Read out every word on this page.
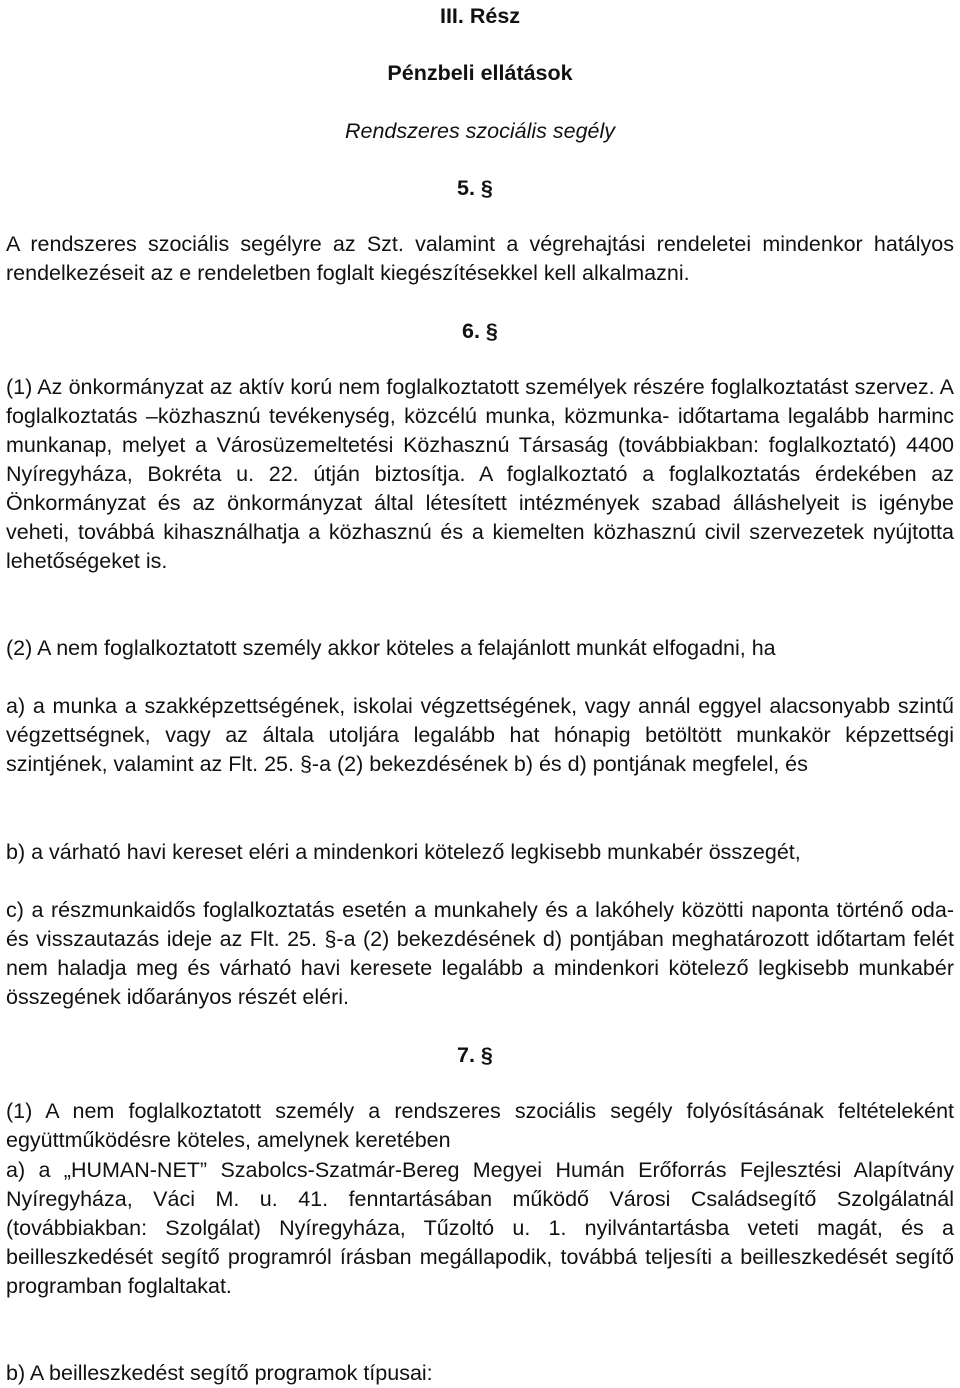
III. Rész
Pénzbeli ellátások
Rendszeres szociális segély
5. §
A rendszeres szociális segélyre az Szt. valamint a végrehajtási rendeletei mindenkor hatályos rendelkezéseit az e rendeletben foglalt kiegészítésekkel kell alkalmazni.
6. §
(1) Az önkormányzat az aktív korú nem foglalkoztatott személyek részére foglalkoztatást szervez. A foglalkoztatás –közhasznú tevékenység, közcélú munka, közmunka- időtartama legalább harminc munkanap, melyet a Városüzemeltetési Közhasznú Társaság (továbbiakban: foglalkoztató) 4400 Nyíregyháza, Bokréta u. 22. útján biztosítja. A foglalkoztató a foglalkoztatás érdekében az Önkormányzat és az önkormányzat által létesített intézmények szabad álláshelyeit is igénybe veheti, továbbá kihasználhatja a közhasznú és a kiemelten közhasznú civil szervezetek nyújtotta lehetőségeket is.
(2) A nem foglalkoztatott személy akkor köteles a felajánlott munkát elfogadni, ha
a) a munka a szakképzettségének, iskolai végzettségének, vagy annál eggyel alacsonyabb szintű végzettségnek, vagy az általa utoljára legalább hat hónapig betöltött munkakör képzettségi szintjének, valamint az Flt. 25. §-a (2) bekezdésének b) és d) pontjának megfelel, és
b) a várható havi kereset eléri a mindenkori kötelező legkisebb munkabér összegét,
c) a részmunkaidős foglalkoztatás esetén a munkahely és a lakóhely közötti naponta történő oda- és visszautazás ideje az Flt. 25. §-a (2) bekezdésének d) pontjában meghatározott időtartam felét nem haladja meg és várható havi keresete legalább a mindenkori kötelező legkisebb munkabér összegének időarányos részét eléri.
7. §
(1) A nem foglalkoztatott személy a rendszeres szociális segély folyósításának feltételeként együttműködésre köteles, amelynek keretében
a) a „HUMAN-NET” Szabolcs-Szatmár-Bereg Megyei Humán Erőforrás Fejlesztési Alapítvány Nyíregyháza, Váci M. u. 41. fenntartásában működő Városi Családsegítő Szolgálatnál (továbbiakban: Szolgálat) Nyíregyháza, Tűzoltó u. 1. nyilvántartásba veteti magát, és a beilleszkedését segítő programról írásban megállapodik, továbbá teljesíti a beilleszkedését segítő programban foglaltakat.
b) A beilleszkedést segítő programok típusai:
